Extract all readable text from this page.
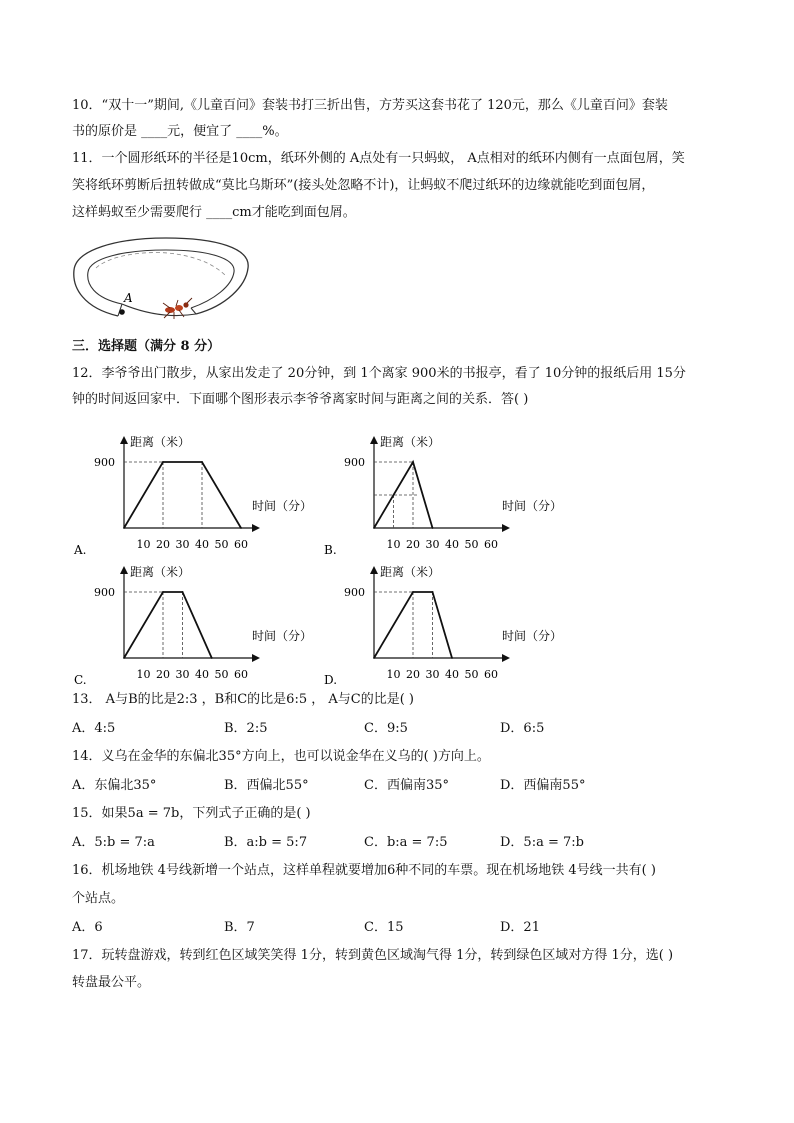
10．“双十一”期间,《儿童百问》套装书打三折出售，方芳买这套书花了 120元，那么《儿童百问》套装
书的原价是 ____元，便宜了 ____%。
11．一个圆形纸环的半径是10cm，纸环外侧的 A点处有一只蚂蚁， A点相对的纸环内侧有一点面包屑，笑
笑将纸环剪断后扭转做成“莫比乌斯环”(接头处忽略不计)，让蚂蚁不爬过纸环的边缘就能吃到面包屑，
这样蚂蚁至少需要爬行 ____cm才能吃到面包屑。
A
三．选择题（满分 8 分）
12．李爷爷出门散步，从家出发走了 20分钟，到 1个离家 900米的书报亭，看了 10分钟的报纸后用 15分
钟的时间返回家中．下面哪个图形表示李爷爷离家时间与距离之间的关系．答( )
距离（米）
时间（分）
900
10 20 30 40 50 60
A.
距离（米）
时间（分）
900
10 20 30 40 50 60
B.
距离（米）
时间（分）
900
10 20 30 40 50 60
C.
距离（米）
时间（分）
900
10 20 30 40 50 60
D.
13． A与B的比是2:3 ，B和C的比是6:5 ， A与C的比是( )
A．4:5	B．2:5	C．9:5	D．6:5
14．义乌在金华的东偏北35°方向上，也可以说金华在义乌的( )方向上。
A．东偏北35°	B．西偏北55°	C．西偏南35°	D．西偏南55°
15．如果5a = 7b，下列式子正确的是( )
A．5:b = 7:a	B．a:b = 5:7	C．b:a = 7:5	D．5:a = 7:b
16．机场地铁 4号线新增一个站点，这样单程就要增加6种不同的车票。现在机场地铁 4号线一共有( )
个站点。
A．6	B．7	C．15	D．21
17．玩转盘游戏，转到红色区域笑笑得 1分，转到黄色区域淘气得 1分，转到绿色区域对方得 1分，选( )
转盘最公平。
